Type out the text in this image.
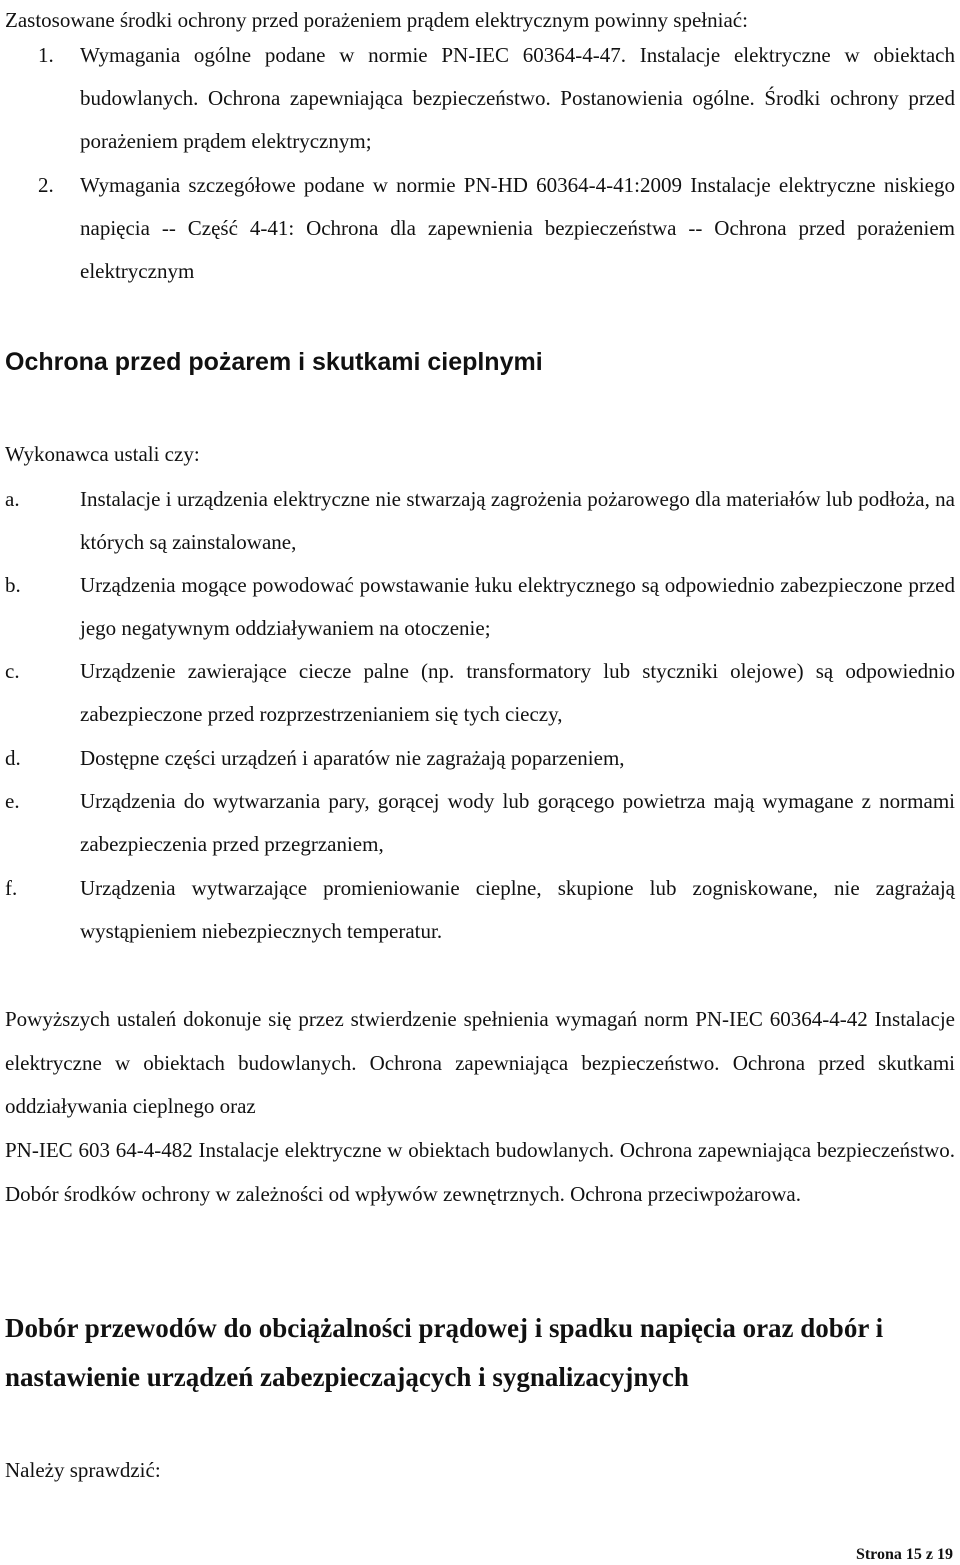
Zastosowane środki ochrony przed porażeniem prądem elektrycznym powinny spełniać:

1. Wymagania ogólne podane w normie PN-IEC 60364-4-47. Instalacje elektryczne w obiektach budowlanych. Ochrona zapewniająca bezpieczeństwo. Postanowienia ogólne. Środki ochrony przed porażeniem prądem elektrycznym;
2. Wymagania szczegółowe podane w normie PN-HD 60364-4-41:2009 Instalacje elektryczne niskiego napięcia -- Część 4-41: Ochrona dla zapewnienia bezpieczeństwa -- Ochrona przed porażeniem elektrycznym
Ochrona przed pożarem i skutkami cieplnymi

Wykonawca ustali czy:

a.	Instalacje i urządzenia elektryczne nie stwarzają zagrożenia pożarowego dla materiałów lub podłoża, na których są zainstalowane,
b.	Urządzenia mogące powodować powstawanie łuku elektrycznego są odpowiednio zabezpieczone przed jego negatywnym oddziaływaniem na otoczenie;
c.	Urządzenie zawierające ciecze palne (np. transformatory lub styczniki olejowe) są odpowiednio zabezpieczone przed rozprzestrzenianiem się tych cieczy,
d.	Dostępne części urządzeń i aparatów nie zagrażają poparzeniem,
e.	Urządzenia do wytwarzania pary, gorącej wody lub gorącego powietrza mają wymagane z normami zabezpieczenia przed przegrzaniem,
f.	Urządzenia wytwarzające promieniowanie cieplne, skupione lub zogniskowane, nie zagrażają wystąpieniem niebezpiecznych temperatur.

Powyższych ustaleń dokonuje się przez stwierdzenie spełnienia wymagań norm PN-IEC 60364-4-42 Instalacje elektryczne w obiektach budowlanych. Ochrona zapewniająca bezpieczeństwo. Ochrona przed skutkami oddziaływania cieplnego oraz

PN-IEC 603 64-4-482 Instalacje elektryczne w obiektach budowlanych. Ochrona zapewniająca bezpieczeństwo. Dobór środków ochrony w zależności od wpływów zewnętrznych. Ochrona przeciwpożarowa.

Dobór przewodów do obciążalności prądowej i spadku napięcia oraz dobór i nastawienie urządzeń zabezpieczających i sygnalizacyjnych

Należy sprawdzić:

Strona 15 z 19
